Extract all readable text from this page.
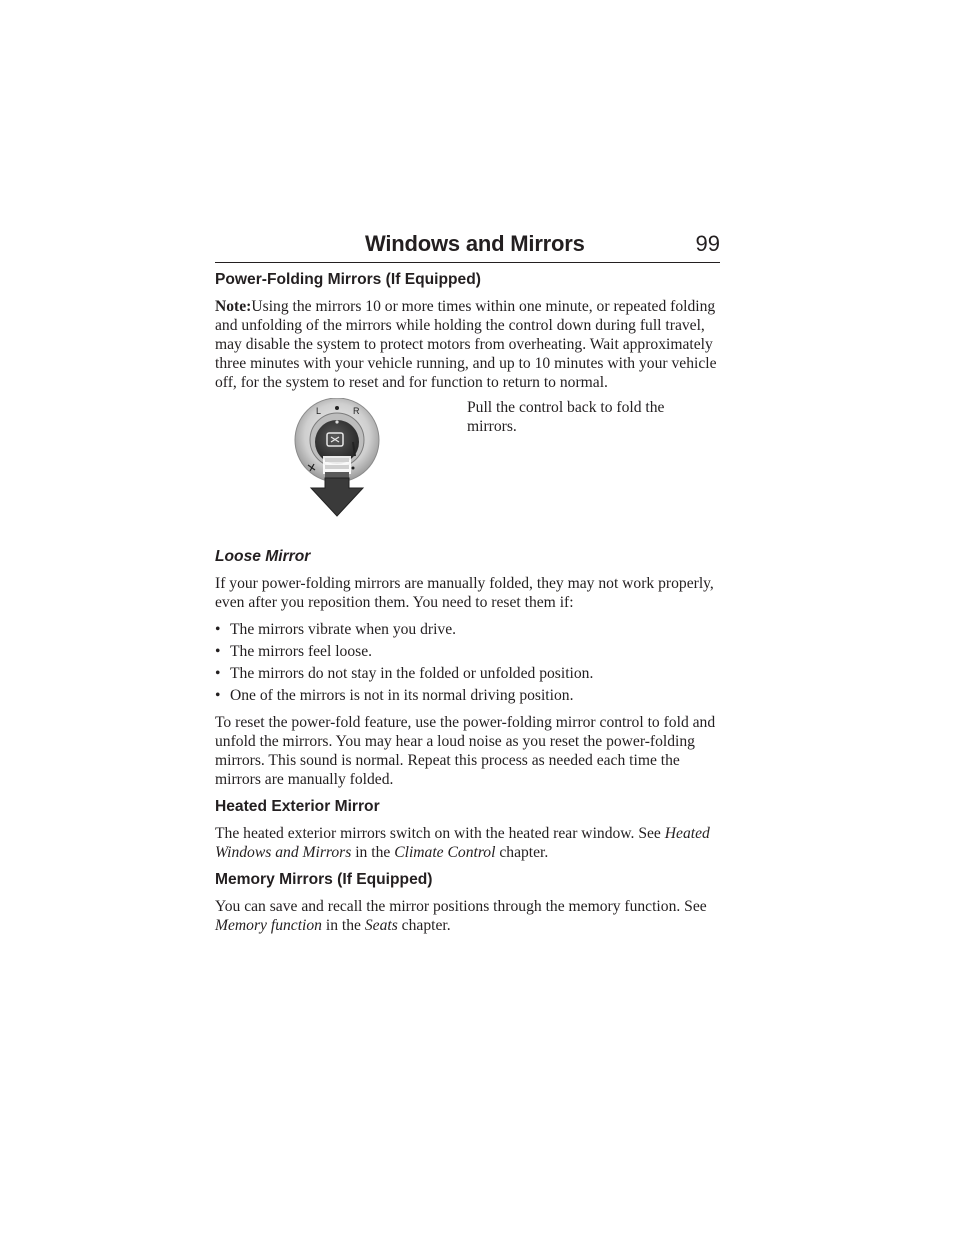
Windows and Mirrors	99
Power-Folding Mirrors (If Equipped)

Note:Using the mirrors 10 or more times within one minute, or repeated folding and unfolding of the mirrors while holding the control down during full travel, may disable the system to protect motors from overheating. Wait approximately three minutes with your vehicle running, and up to 10 minutes with your vehicle off, for the system to reset and for function to return to normal.

L	R	Pull the control back to fold the mirrors.
Loose Mirror

If your power-folding mirrors are manually folded, they may not work properly, even after you reposition them. You need to reset them if:

• The mirrors vibrate when you drive.
• The mirrors feel loose.
• The mirrors do not stay in the folded or unfolded position.
• One of the mirrors is not in its normal driving position.

To reset the power-fold feature, use the power-folding mirror control to fold and unfold the mirrors. You may hear a loud noise as you reset the power-folding mirrors. This sound is normal. Repeat this process as needed each time the mirrors are manually folded.

Heated Exterior Mirror

The heated exterior mirrors switch on with the heated rear window. See Heated Windows and Mirrors in the Climate Control chapter.

Memory Mirrors (If Equipped)

You can save and recall the mirror positions through the memory function. See Memory function in the Seats chapter.
